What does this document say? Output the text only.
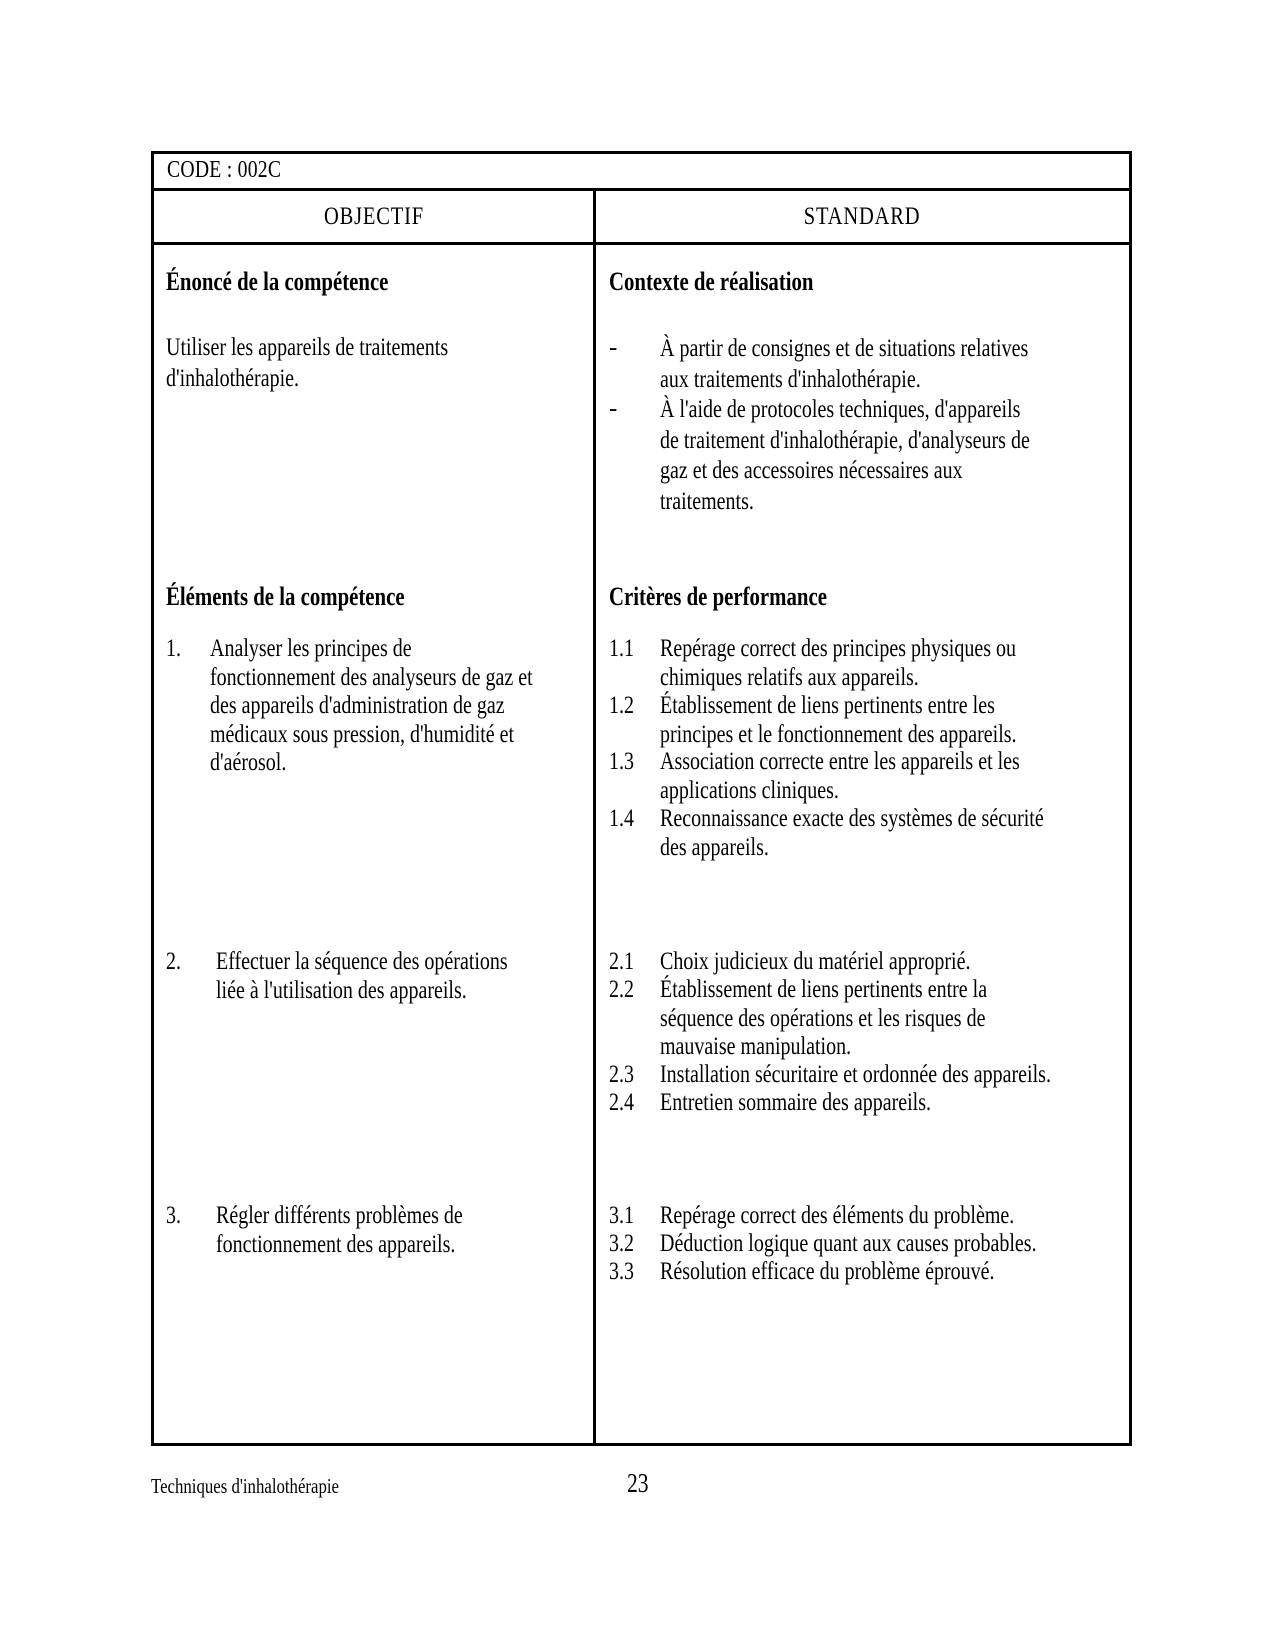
CODE : 002C
OBJECTIF	STANDARD
Énoncé de la compétence
Utiliser les appareils de traitements
d'inhalothérapie.
Éléments de la compétence
1. Analyser les principes de
fonctionnement des analyseurs de gaz et
des appareils d'administration de gaz
médicaux sous pression, d'humidité et
d'aérosol.
2. Effectuer la séquence des opérations
liée à l'utilisation des appareils.
3. Régler différents problèmes de
fonctionnement des appareils.
Contexte de réalisation
- À partir de consignes et de situations relatives
aux traitements d'inhalothérapie.
- À l'aide de protocoles techniques, d'appareils
de traitement d'inhalothérapie, d'analyseurs de
gaz et des accessoires nécessaires aux
traitements.
Critères de performance
1.1 Repérage correct des principes physiques ou
chimiques relatifs aux appareils.
1.2 Établissement de liens pertinents entre les
principes et le fonctionnement des appareils.
1.3 Association correcte entre les appareils et les
applications cliniques.
1.4 Reconnaissance exacte des systèmes de sécurité
des appareils.
2.1 Choix judicieux du matériel approprié.
2.2 Établissement de liens pertinents entre la
séquence des opérations et les risques de
mauvaise manipulation.
2.3 Installation sécuritaire et ordonnée des appareils.
2.4 Entretien sommaire des appareils.
3.1 Repérage correct des éléments du problème.
3.2 Déduction logique quant aux causes probables.
3.3 Résolution efficace du problème éprouvé.
Techniques d'inhalothérapie	23
